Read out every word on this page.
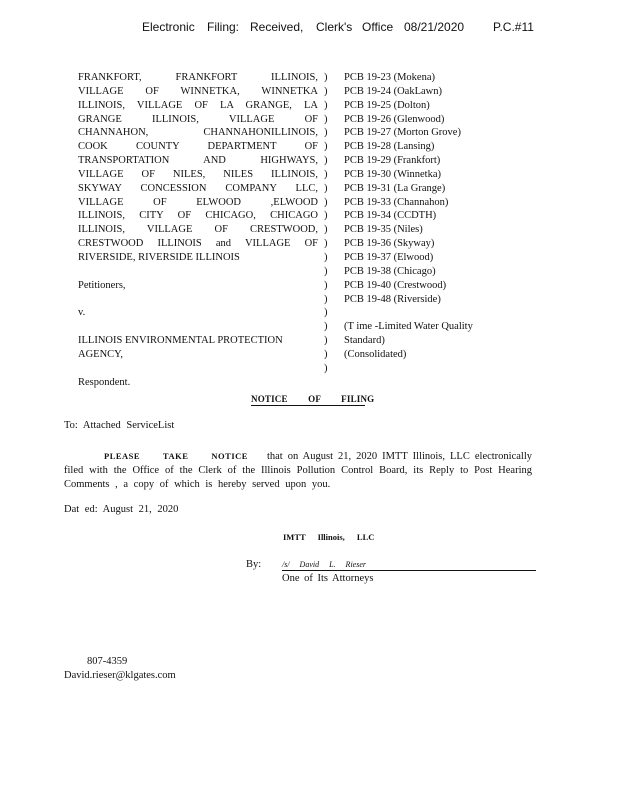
Electronic Filing: Received, Clerk's Office 08/21/2020 P.C.#11
FRANKFORT, FRANKFORT ILLINOIS,
VILLAGE OF WINNETKA, WINNETKA
ILLINOIS, VILLAGE OF LA GRANGE, LA
GRANGE ILLINOIS, VILLAGE OF
CHANNAHON, CHANNAHONILLINOIS,
COOK COUNTY DEPARTMENT OF
TRANSPORTATION AND HIGHWAYS,
VILLAGE OF NILES, NILES ILLINOIS,
SKYWAY CONCESSION COMPANY LLC,
VILLAGE OF ELWOOD ,ELWOOD
ILLINOIS, CITY OF CHICAGO, CHICAGO
ILLINOIS, VILLAGE OF CRESTWOOD,
CRESTWOOD ILLINOIS and VILLAGE OF
RIVERSIDE, RIVERSIDE ILLINOIS
Petitioners,
v.
ILLINOIS ENVIRONMENTAL PROTECTION
AGENCY,
Respondent.
)
)
)
)
)
)
)
)
)
)
)
)
)
)
)
)
)
)
)
)
)
)
PCB 19-23 (Mokena)
PCB 19-24 (OakLawn)
PCB 19-25 (Dolton)
PCB 19-26 (Glenwood)
PCB 19-27 (Morton Grove)
PCB 19-28 (Lansing)
PCB 19-29 (Frankfort)
PCB 19-30 (Winnetka)
PCB 19-31 (La Grange)
PCB 19-33 (Channahon)
PCB 19-34 (CCDTH)
PCB 19-35 (Niles)
PCB 19-36 (Skyway)
PCB 19-37 (Elwood)
PCB 19-38 (Chicago)
PCB 19-40 (Crestwood)
PCB 19-48 (Riverside)
(T ime -Limited Water Quality
Standard)
(Consolidated)
NOTICE OF FILING
To: Attached ServiceList
PLEASE TAKE NOTICE that on August 21, 2020 IMTT Illinois, LLC electronically
filed with the Office of the Clerk of the Illinois Pollution Control Board, its Reply to Post Hearing
Comments , a copy of which is hereby served upon you.
Dat ed: August 21, 2020
IMTT Illinois, LLC
By:	/s/ David L. Rieser
One of Its Attorneys
807-4359
David.rieser@klgates.com
